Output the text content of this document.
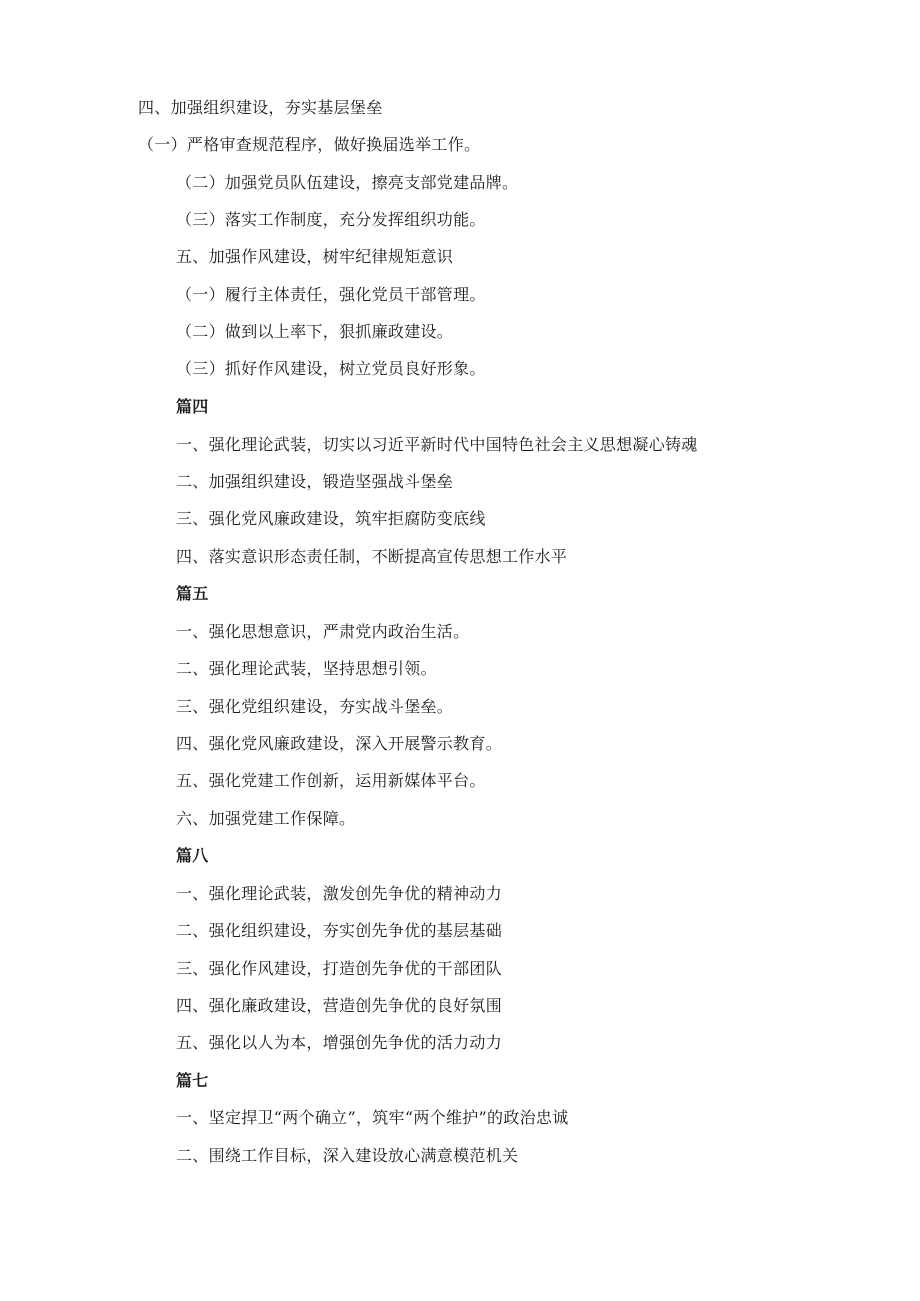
四、加强组织建设，夯实基层堡垒
（一）严格审查规范程序，做好换届选举工作。
（二）加强党员队伍建设，擦亮支部党建品牌。
（三）落实工作制度，充分发挥组织功能。
五、加强作风建设，树牢纪律规矩意识
（一）履行主体责任，强化党员干部管理。
（二）做到以上率下，狠抓廉政建设。
（三）抓好作风建设，树立党员良好形象。
篇四
一、强化理论武装，切实以习近平新时代中国特色社会主义思想凝心铸魂
二、加强组织建设，锻造坚强战斗堡垒
三、强化党风廉政建设，筑牢拒腐防变底线
四、落实意识形态责任制，不断提高宣传思想工作水平
篇五
一、强化思想意识，严肃党内政治生活。
二、强化理论武装，坚持思想引领。
三、强化党组织建设，夯实战斗堡垒。
四、强化党风廉政建设，深入开展警示教育。
五、强化党建工作创新，运用新媒体平台。
六、加强党建工作保障。
篇八
一、强化理论武装，激发创先争优的精神动力
二、强化组织建设，夯实创先争优的基层基础
三、强化作风建设，打造创先争优的干部团队
四、强化廉政建设，营造创先争优的良好氛围
五、强化以人为本，增强创先争优的活力动力
篇七
一、坚定捍卫“两个确立”，筑牢“两个维护”的政治忠诚
二、围绕工作目标，深入建设放心满意模范机关
